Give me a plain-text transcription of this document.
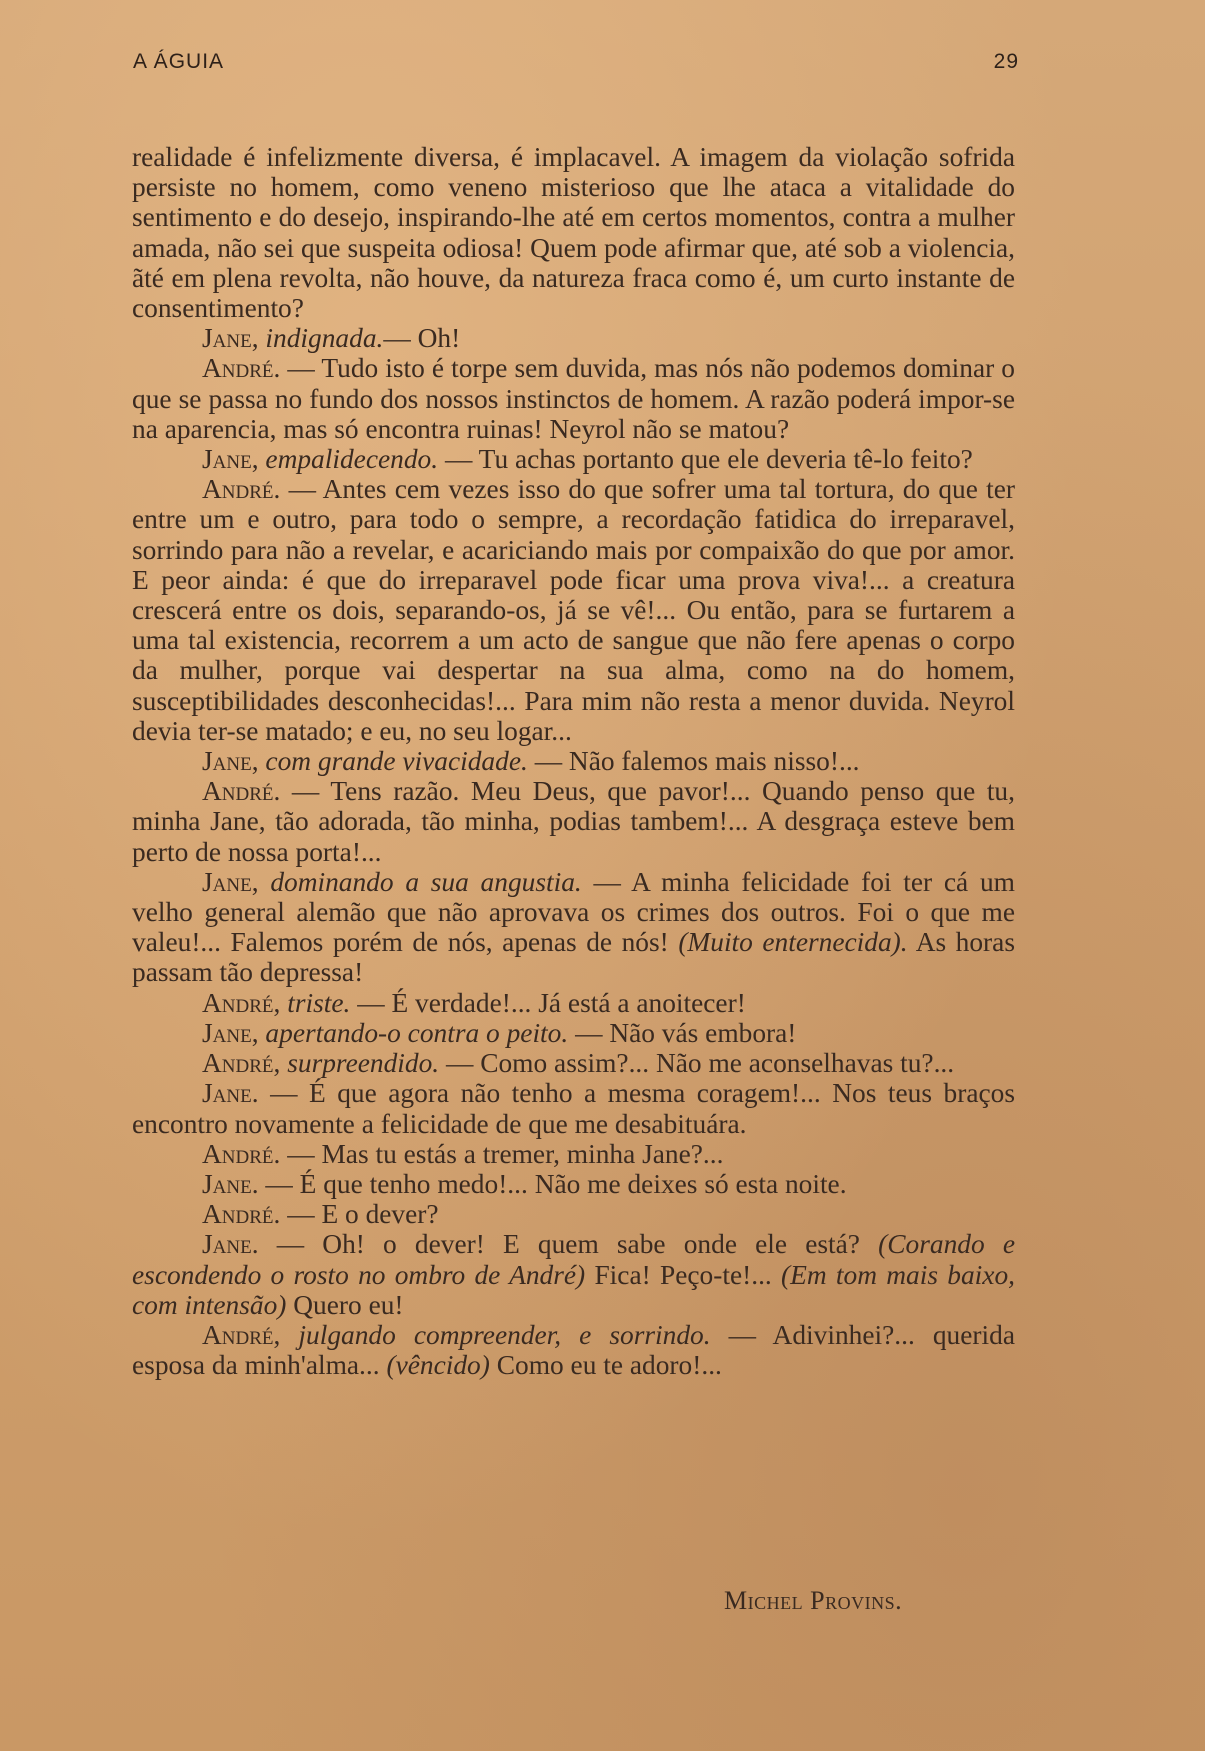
A ÁGUIA	29

realidade é infelizmente diversa, é implacavel. A imagem da violação sofrida persiste no homem, como veneno misterioso que lhe ataca a vitalidade do sentimento e do desejo, inspirando-lhe até em certos momentos, contra a mulher amada, não sei que suspeita odiosa! Quem pode afirmar que, até sob a violencia, ãté em plena revolta, não houve, da natureza fraca como é, um curto instante de consentimento?

Jane, indignada.— Oh!

André. — Tudo isto é torpe sem duvida, mas nós não podemos dominar o que se passa no fundo dos nossos instinctos de homem. A razão poderá impor-se na aparencia, mas só encontra ruinas! Neyrol não se matou?

Jane, empalidecendo. — Tu achas portanto que ele deveria tê-lo feito?

André. — Antes cem vezes isso do que sofrer uma tal tortura, do que ter entre um e outro, para todo o sempre, a recordação fatidica do irreparavel, sorrindo para não a revelar, e acariciando mais por compaixão do que por amor. E peor ainda: é que do irreparavel pode ficar uma prova viva!... a creatura crescerá entre os dois, separando-os, já se vê!... Ou então, para se furtarem a uma tal existencia, recorrem a um acto de sangue que não fere apenas o corpo da mulher, porque vai despertar na sua alma, como na do homem, susceptibilidades desconhecidas!... Para mim não resta a menor duvida. Neyrol devia ter-se matado; e eu, no seu logar...

Jane, com grande vivacidade. — Não falemos mais nisso!...

André. — Tens razão. Meu Deus, que pavor!... Quando penso que tu, minha Jane, tão adorada, tão minha, podias tambem!... A desgraça esteve bem perto de nossa porta!...

Jane, dominando a sua angustia. — A minha felicidade foi ter cá um velho general alemão que não aprovava os crimes dos outros. Foi o que me valeu!... Falemos porém de nós, apenas de nós! (Muito enternecida). As horas passam tão depressa!

André, triste. — É verdade!... Já está a anoitecer!

Jane, apertando-o contra o peito. — Não vás embora!

André, surpreendido. — Como assim?... Não me aconselhavas tu?...

Jane. — É que agora não tenho a mesma coragem!... Nos teus braços encontro novamente a felicidade de que me desabituára.

André. — Mas tu estás a tremer, minha Jane?...

Jane. — É que tenho medo!... Não me deixes só esta noite.

André. — E o dever?

Jane. — Oh! o dever! E quem sabe onde ele está? (Corando e escondendo o rosto no ombro de André) Fica! Peço-te!... (Em tom mais baixo, com intensão) Quero eu!

André, julgando compreender, e sorrindo. — Adivinhei?... querida esposa da minh'alma... (vêncido) Como eu te adoro!...

Michel Provins.
